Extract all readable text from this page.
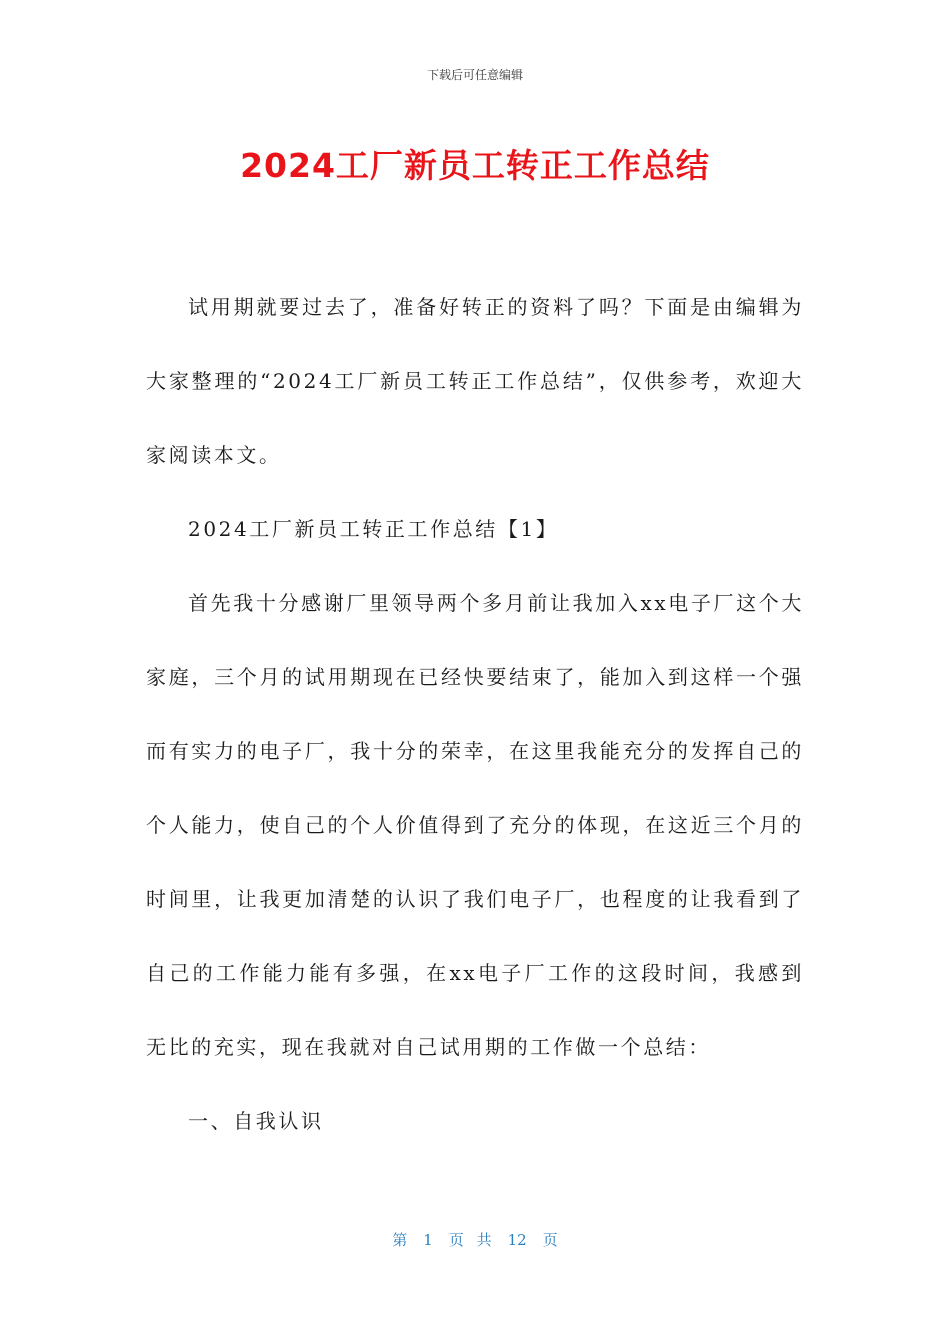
下载后可任意编辑
2024工厂新员工转正工作总结

试用期就要过去了，准备好转正的资料了吗？下面是由编辑为大家整理的“2024工厂新员工转正工作总结”，仅供参考，欢迎大家阅读本文。

2024工厂新员工转正工作总结【1】

首先我十分感谢厂里领导两个多月前让我加入xx电子厂这个大家庭，三个月的试用期现在已经快要结束了，能加入到这样一个强而有实力的电子厂，我十分的荣幸，在这里我能充分的发挥自己的个人能力，使自己的个人价值得到了充分的体现，在这近三个月的时间里，让我更加清楚的认识了我们电子厂，也程度的让我看到了自己的工作能力能有多强，在xx电子厂工作的这段时间，我感到无比的充实，现在我就对自己试用期的工作做一个总结：

一、自我认识

第 1 页 共 12 页
